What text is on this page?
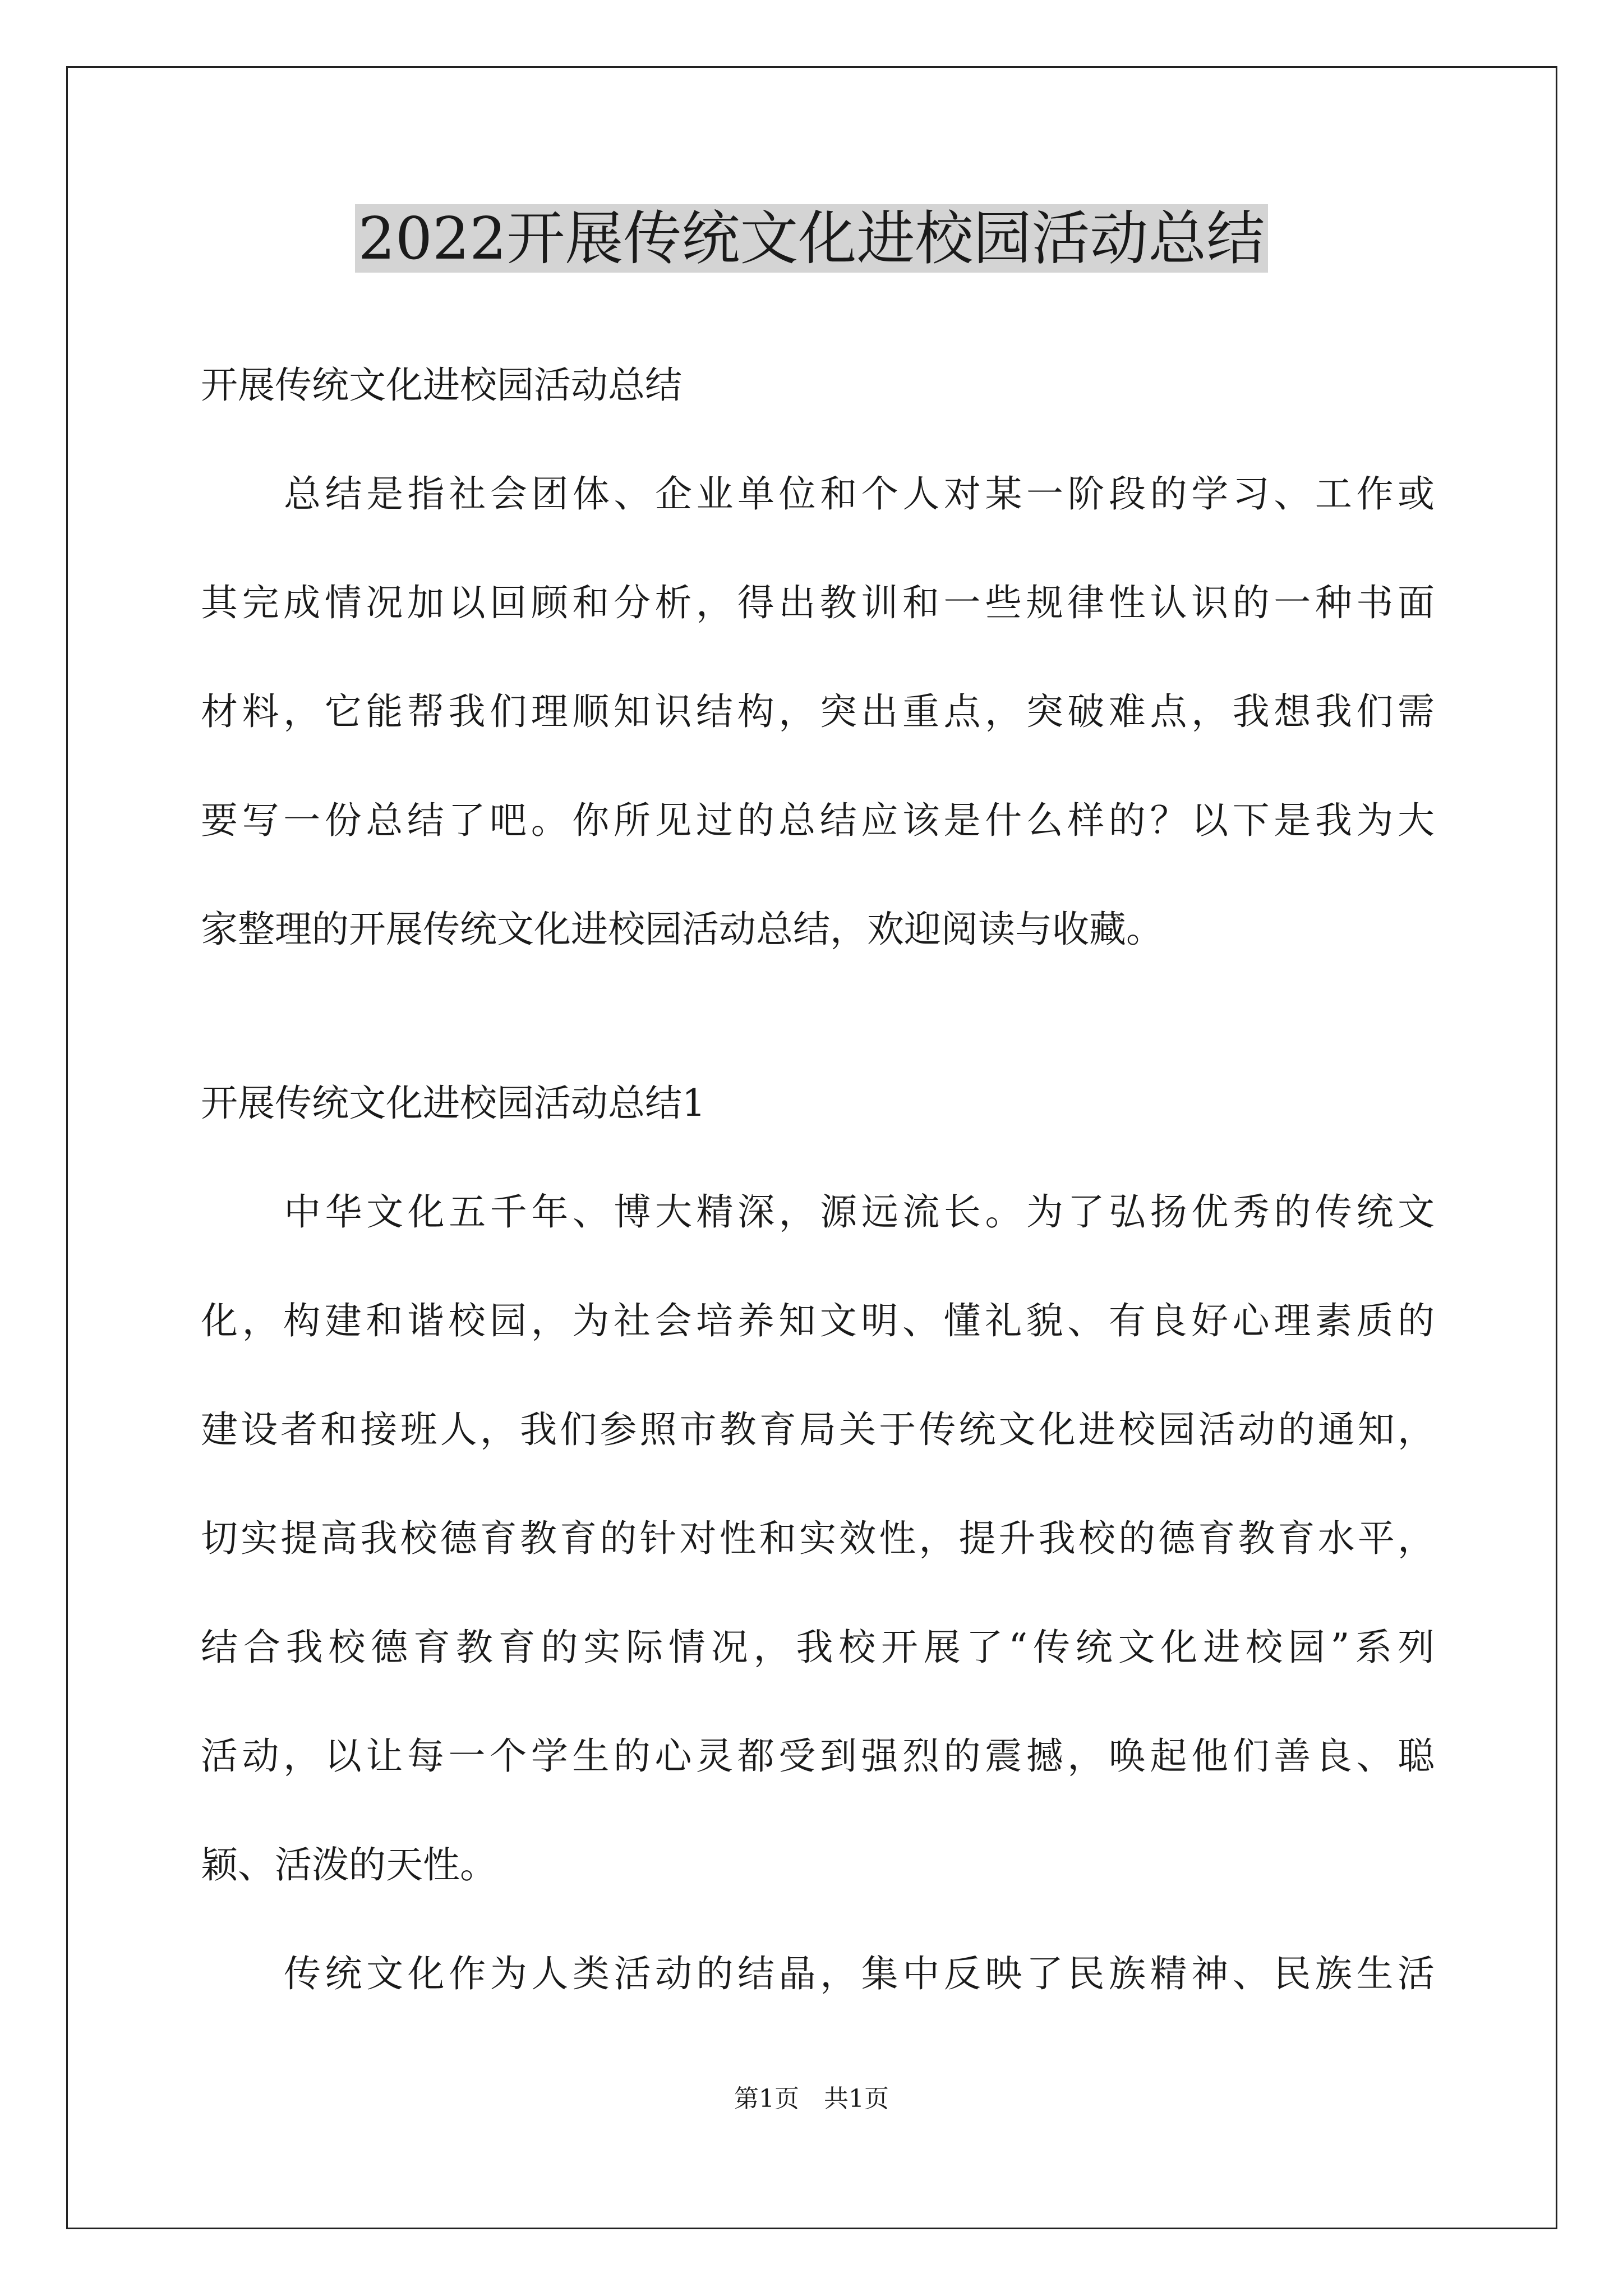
2022开展传统文化进校园活动总结
开展传统文化进校园活动总结
总结是指社会团体、企业单位和个人对某一阶段的学习、工作或
其完成情况加以回顾和分析，得出教训和一些规律性认识的一种书面
材料，它能帮我们理顺知识结构，突出重点，突破难点，我想我们需
要写一份总结了吧。你所见过的总结应该是什么样的？以下是我为大
家整理的开展传统文化进校园活动总结，欢迎阅读与收藏。
开展传统文化进校园活动总结1
中华文化五千年、博大精深，源远流长。为了弘扬优秀的传统文
化，构建和谐校园，为社会培养知文明、懂礼貌、有良好心理素质的
建设者和接班人，我们参照市教育局关于传统文化进校园活动的通知，
切实提高我校德育教育的针对性和实效性，提升我校的德育教育水平，
结合我校德育教育的实际情况，我校开展了“传统文化进校园”系列
活动，以让每一个学生的心灵都受到强烈的震撼，唤起他们善良、聪
颖、活泼的天性。
传统文化作为人类活动的结晶，集中反映了民族精神、民族生活
第1页　共1页
